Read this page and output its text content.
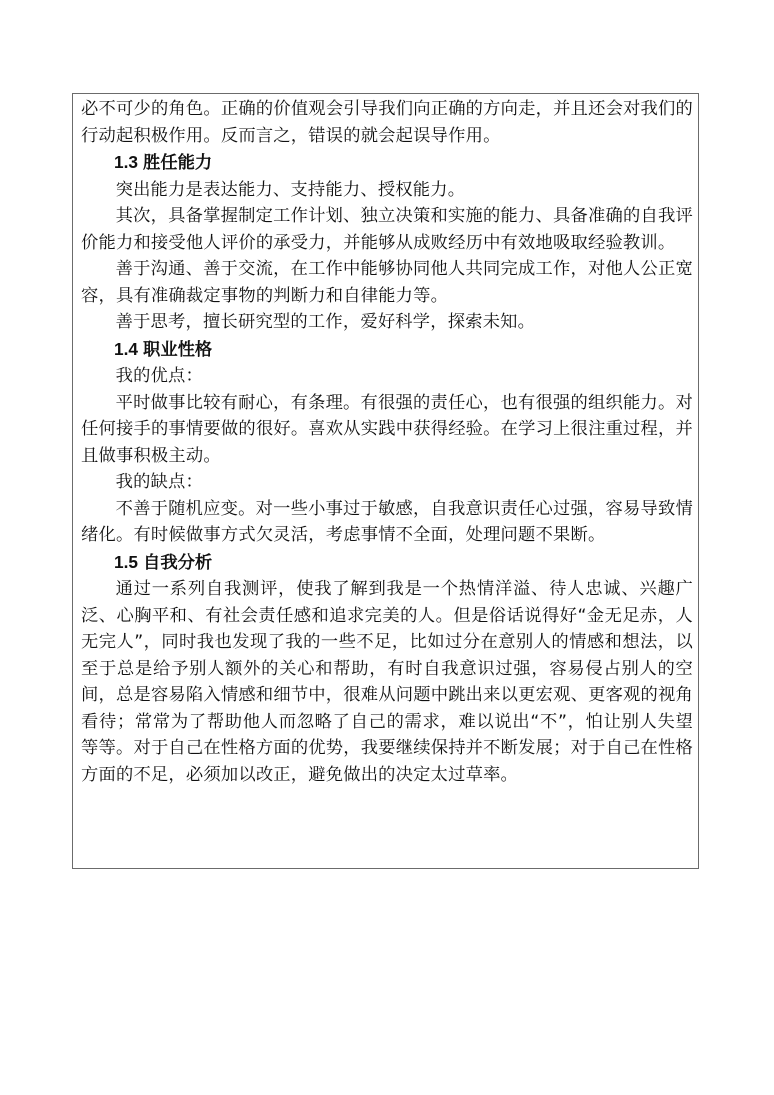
必不可少的角色。正确的价值观会引导我们向正确的方向走，并且还会对我们的行动起积极作用。反而言之，错误的就会起误导作用。

1.3 胜任能力

突出能力是表达能力、支持能力、授权能力。

其次，具备掌握制定工作计划、独立决策和实施的能力、具备准确的自我评价能力和接受他人评价的承受力，并能够从成败经历中有效地吸取经验教训。

善于沟通、善于交流，在工作中能够协同他人共同完成工作，对他人公正宽容，具有准确裁定事物的判断力和自律能力等。

善于思考，擅长研究型的工作，爱好科学，探索未知。

1.4 职业性格

我的优点：

平时做事比较有耐心，有条理。有很强的责任心，也有很强的组织能力。对任何接手的事情要做的很好。喜欢从实践中获得经验。在学习上很注重过程，并且做事积极主动。

我的缺点：

不善于随机应变。对一些小事过于敏感，自我意识责任心过强，容易导致情绪化。有时候做事方式欠灵活，考虑事情不全面，处理问题不果断。

1.5 自我分析

通过一系列自我测评，使我了解到我是一个热情洋溢、待人忠诚、兴趣广泛、心胸平和、有社会责任感和追求完美的人。但是俗话说得好“金无足赤，人无完人”，同时我也发现了我的一些不足，比如过分在意别人的情感和想法，以至于总是给予别人额外的关心和帮助，有时自我意识过强，容易侵占别人的空间，总是容易陷入情感和细节中，很难从问题中跳出来以更宏观、更客观的视角看待；常常为了帮助他人而忽略了自己的需求，难以说出“不”，怕让别人失望等等。对于自己在性格方面的优势，我要继续保持并不断发展；对于自己在性格方面的不足，必须加以改正，避免做出的决定太过草率。
